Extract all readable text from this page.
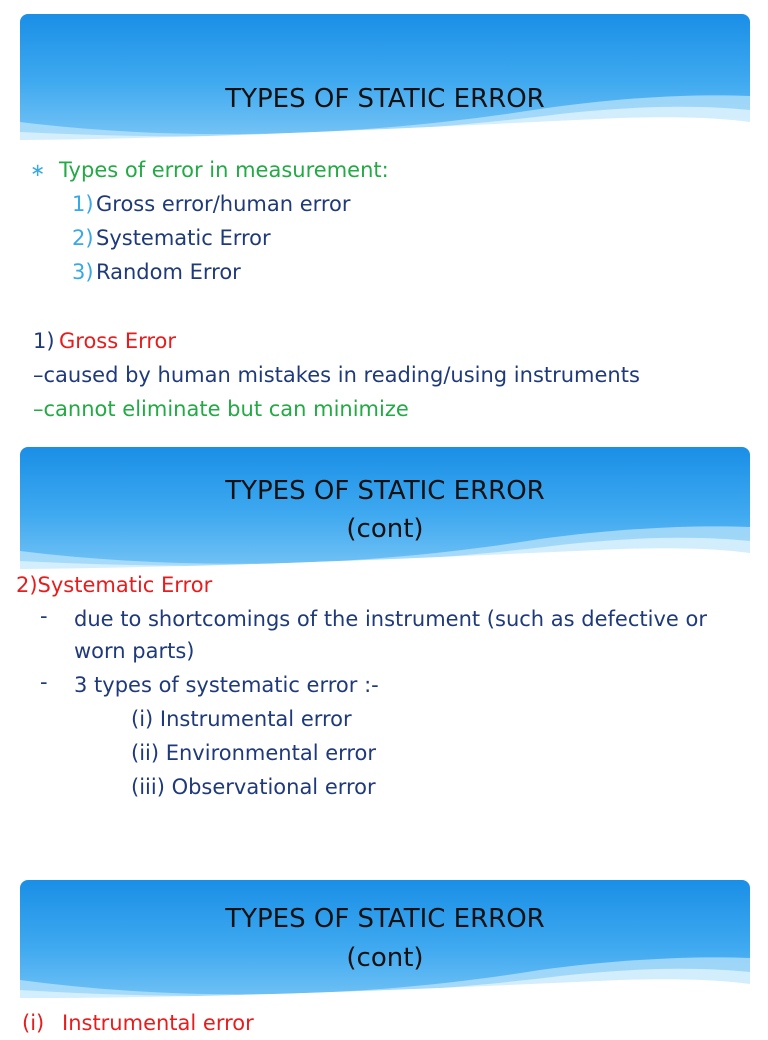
TYPES OF STATIC ERROR
∗ Types of error in measurement:
1) Gross error/human error
2) Systematic Error
3) Random Error
1) Gross Error
–caused by human mistakes in reading/using instruments
–cannot eliminate but can minimize
TYPES OF STATIC ERROR
(cont)
2)Systematic Error
- due to shortcomings of the instrument (such as defective or
worn parts)
- 3 types of systematic error :-
(i) Instrumental error
(ii) Environmental error
(iii) Observational error
TYPES OF STATIC ERROR
(cont)
(i) Instrumental error
